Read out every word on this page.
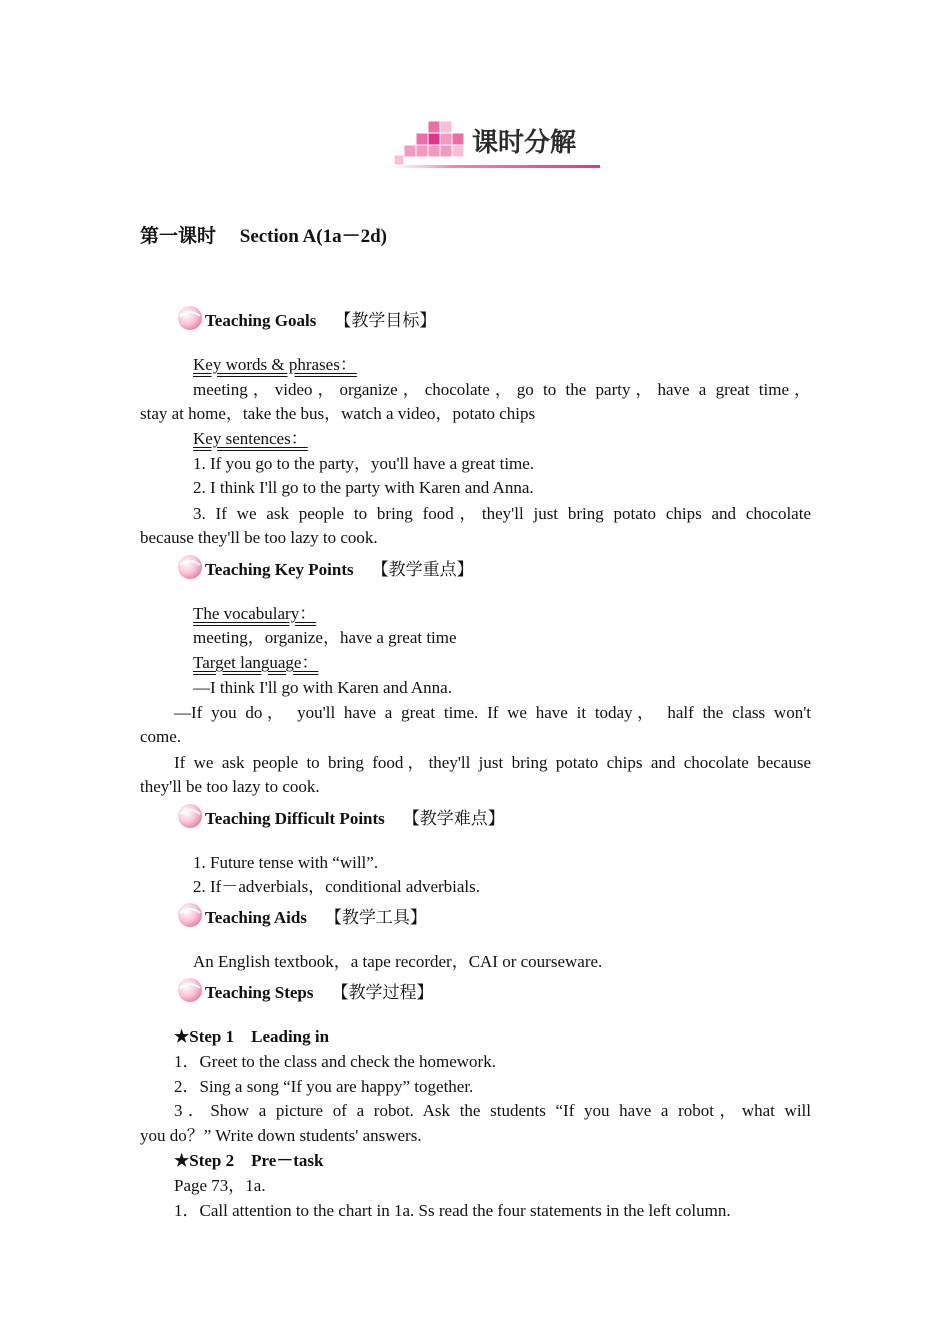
课时分解
第一课时　 Section A(1a－2d)
Teaching Goals 【教学目标】
Key words & phrases：
meeting，video，organize，chocolate，go to the party，have a great time，
stay at home，take the bus，watch a video，potato chips
Key sentences：
1. If you go to the party，you'll have a great time.
2. I think I'll go to the party with Karen and Anna.
3. If we ask people to bring food，they'll just bring potato chips and chocolate
because they'll be too lazy to cook.
Teaching Key Points 【教学重点】
The vocabulary：
meeting，organize，have a great time
Target language：
—I think I'll go with Karen and Anna.
—If you do， you'll have a great time. If we have it today， half the class won't
come.
If we ask people to bring food，they'll just bring potato chips and chocolate because
they'll be too lazy to cook.
Teaching Difficult Points 【教学难点】
1. Future tense with “will”.
2. If－adverbials，conditional adverbials.
Teaching Aids 【教学工具】
An English textbook，a tape recorder，CAI or courseware.
Teaching Steps 【教学过程】
★Step 1　Leading in
1．Greet to the class and check the homework.
2．Sing a song “If you are happy” together.
3．Show a picture of a robot. Ask the students “If you have a robot，what will
you do？” Write down students' answers.
★Step 2　Pre－task
Page 73，1a.
1．Call attention to the chart in 1a. Ss read the four statements in the left column.
